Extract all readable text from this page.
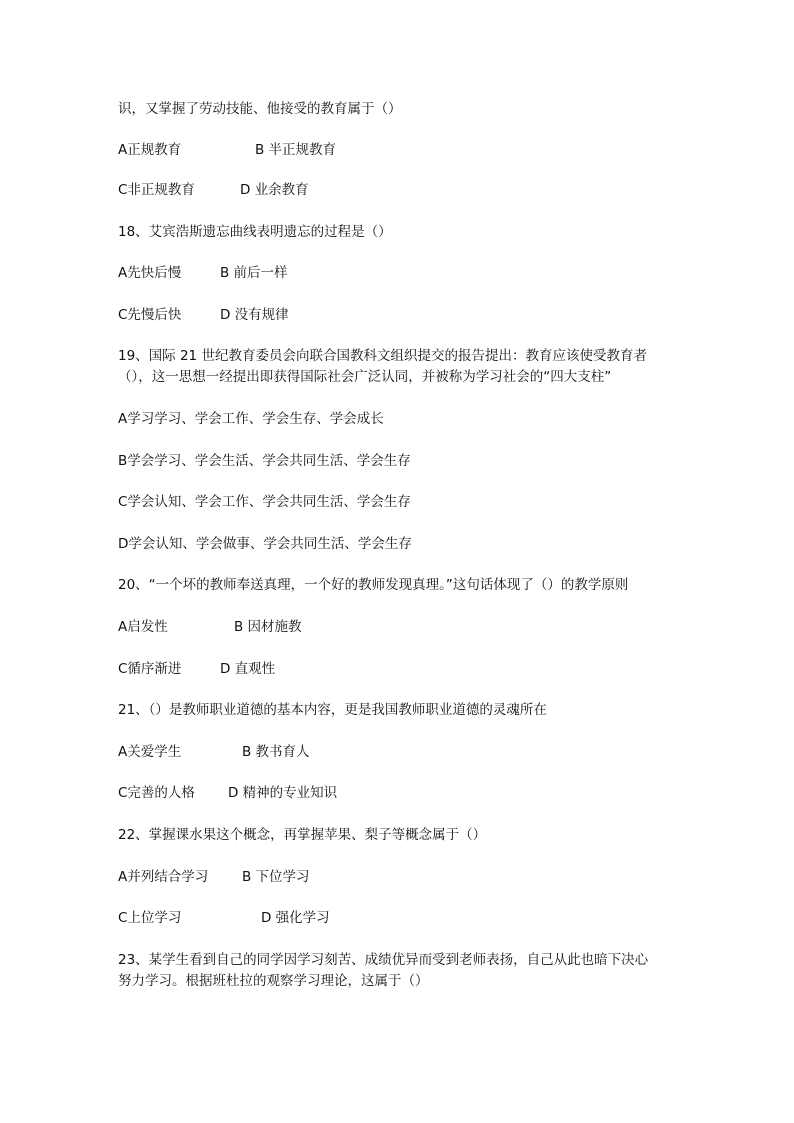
识，又掌握了劳动技能、他接受的教育属于（）
A正规教育	B 半正规教育
C非正规教育	D 业余教育
18、艾宾浩斯遗忘曲线表明遗忘的过程是（）
A先快后慢	B 前后一样
C先慢后快	D 没有规律
19、国际 21 世纪教育委员会向联合国教科文组织提交的报告提出：教育应该使受教育者
（），这一思想一经提出即获得国际社会广泛认同，并被称为学习社会的“四大支柱”
A学习学习、学会工作、学会生存、学会成长
B学会学习、学会生活、学会共同生活、学会生存
C学会认知、学会工作、学会共同生活、学会生存
D学会认知、学会做事、学会共同生活、学会生存
20、“一个坏的教师奉送真理，一个好的教师发现真理。”这句话体现了（）的教学原则
A启发性	B 因材施教
C循序渐进	D 直观性
21、（）是教师职业道德的基本内容，更是我国教师职业道德的灵魂所在
A关爱学生	B 教书育人
C完善的人格 D 精神的专业知识
22、掌握课水果这个概念，再掌握苹果、梨子等概念属于（）
A并列结合学习	B 下位学习
C上位学习	D 强化学习
23、某学生看到自己的同学因学习刻苦、成绩优异而受到老师表扬，自己从此也暗下决心
努力学习。根据班杜拉的观察学习理论，这属于（）
